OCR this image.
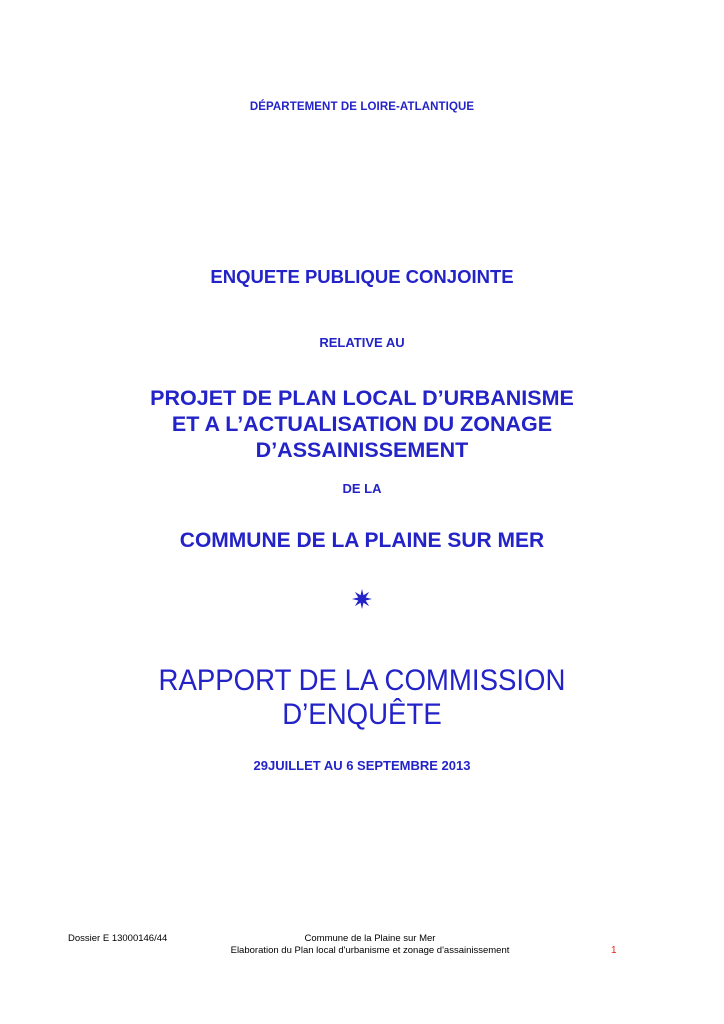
DÉPARTEMENT DE LOIRE-ATLANTIQUE
ENQUETE PUBLIQUE CONJOINTE
RELATIVE AU
PROJET DE PLAN LOCAL D’URBANISME
ET A L’ACTUALISATION DU ZONAGE
D’ASSAINISSEMENT
DE LA
COMMUNE DE LA PLAINE SUR MER
RAPPORT DE LA COMMISSION
D’ENQUÊTE
29JUILLET AU 6 SEPTEMBRE 2013
Dossier E 13000146/44	Commune de la Plaine sur Mer
Elaboration du Plan local d'urbanisme et zonage d'assainissement	1
